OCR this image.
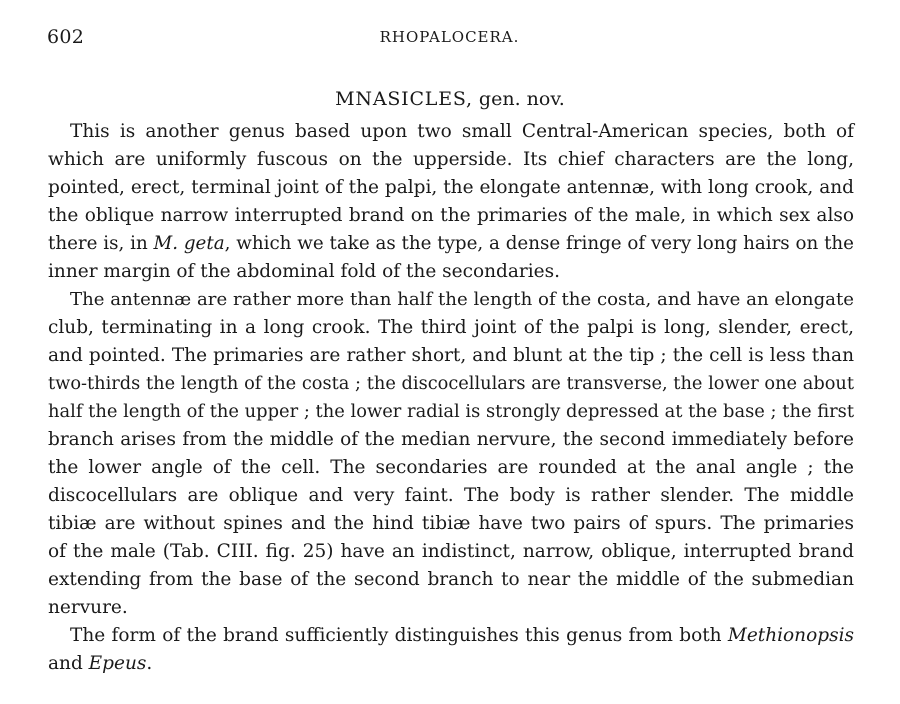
602	RHOPALOCERA.
MNASICLES, gen. nov.
This is another genus based upon two small Central-American species, both of
which are uniformly fuscous on the upperside. Its chief characters are the long,
pointed, erect, terminal joint of the palpi, the elongate antennæ, with long crook, and
the oblique narrow interrupted brand on the primaries of the male, in which sex also
there is, in M. geta, which we take as the type, a dense fringe of very long hairs on the
inner margin of the abdominal fold of the secondaries.
The antennæ are rather more than half the length of the costa, and have an elongate
club, terminating in a long crook. The third joint of the palpi is long, slender, erect,
and pointed. The primaries are rather short, and blunt at the tip ; the cell is less than
two-thirds the length of the costa ; the discocellulars are transverse, the lower one about
half the length of the upper ; the lower radial is strongly depressed at the base ; the first
branch arises from the middle of the median nervure, the second immediately before
the lower angle of the cell. The secondaries are rounded at the anal angle ; the
discocellulars are oblique and very faint. The body is rather slender. The middle
tibiæ are without spines and the hind tibiæ have two pairs of spurs. The primaries
of the male (Tab. CIII. fig. 25) have an indistinct, narrow, oblique, interrupted brand
extending from the base of the second branch to near the middle of the submedian
nervure.
The form of the brand sufficiently distinguishes this genus from both Methionopsis
and Epeus.
